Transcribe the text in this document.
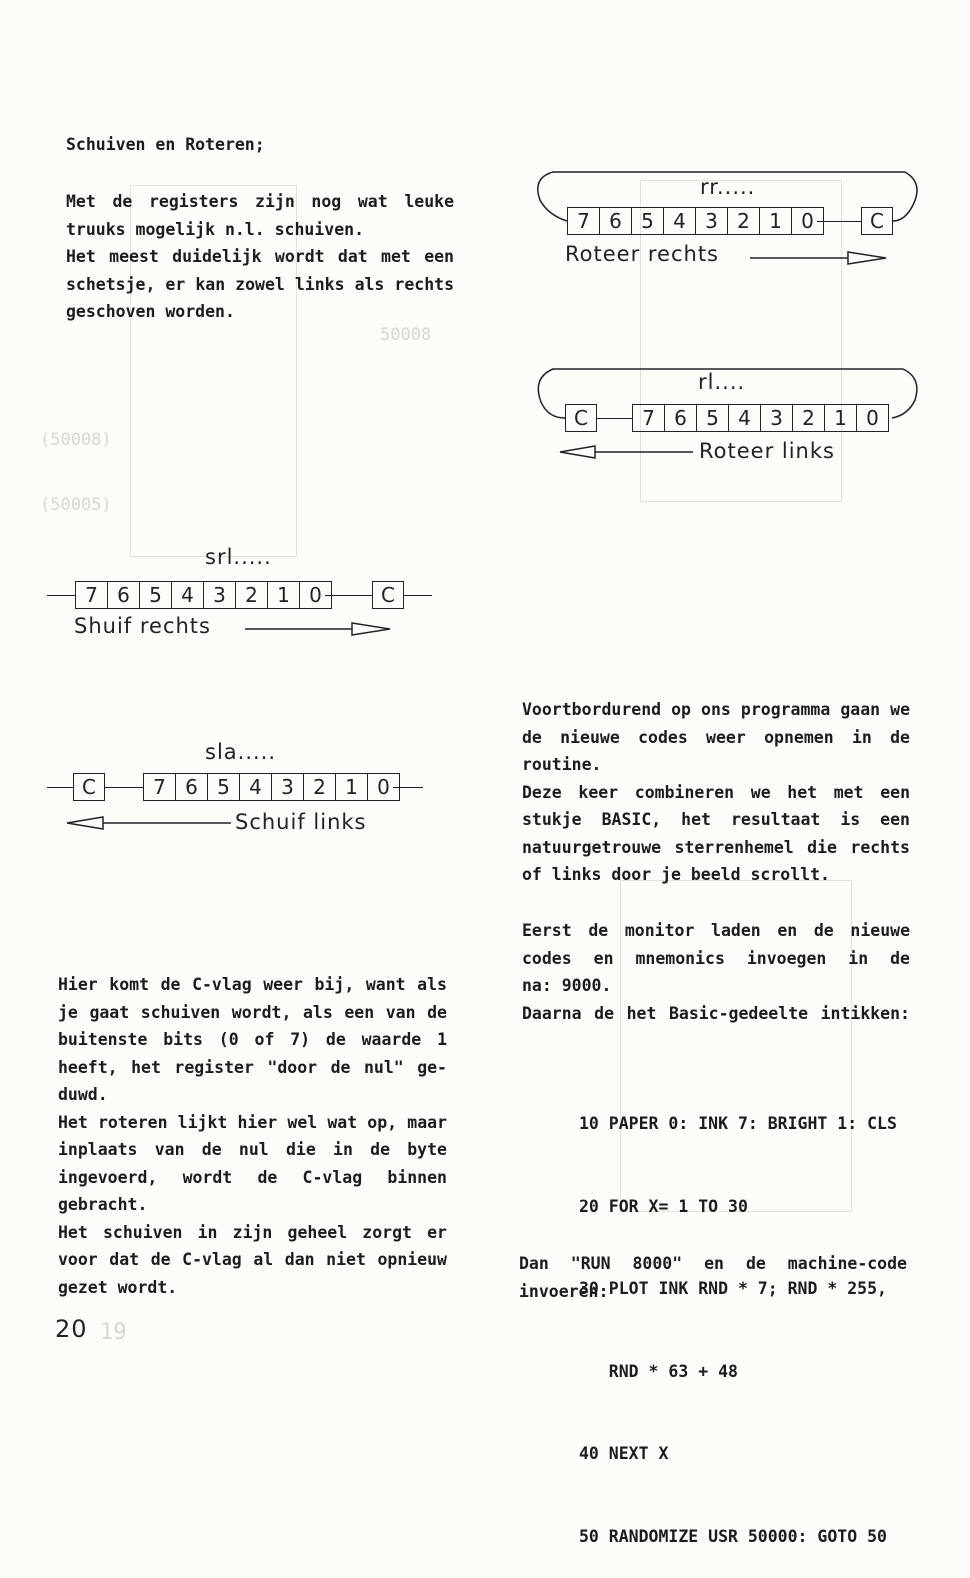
50008
(50008)
(50005)
19
Schuiven en Roteren;
Met de registers zijn nog wat leuke
truuks mogelijk n.l. schuiven.
Het meest duidelijk wordt dat met een
schetsje, er kan zowel links als rechts
geschoven worden.
rr.....
7 6 5 4 3 2 1 0	C
Roteer rechts
rl....
C	7 6 5 4 3 2 1 0
Roteer links
srl.....
7 6 5 4 3 2 1 0	C
Shuif rechts
sla.....
C	7 6 5 4 3 2 1 0
Schuif links
Hier komt de C-vlag weer bij, want als
je gaat schuiven wordt, als een van de
buitenste bits (0 of 7) de waarde 1
heeft, het register "door de nul" ge-
duwd.
Het roteren lijkt hier wel wat op, maar
inplaats van de nul die in de byte
ingevoerd, wordt de C-vlag binnen
gebracht.
Het schuiven in zijn geheel zorgt er
voor dat de C-vlag al dan niet opnieuw
gezet wordt.
Voortbordurend op ons programma gaan we
de nieuwe codes weer opnemen in de
routine.
Deze keer combineren we het met een
stukje BASIC, het resultaat is een
natuurgetrouwe sterrenhemel die rechts
of links door je beeld scrollt.
Eerst de monitor laden en de nieuwe
codes en mnemonics invoegen in de
na: 9000.
Daarna de het Basic-gedeelte intikken:

10 PAPER 0: INK 7: BRIGHT 1: CLS

20 FOR X= 1 TO 30

30 PLOT INK RND * 7; RND * 255,

RND * 63 + 48

40 NEXT X

50 RANDOMIZE USR 50000: GOTO 50

Dan "RUN 8000" en de machine-code
invoeren:
20
